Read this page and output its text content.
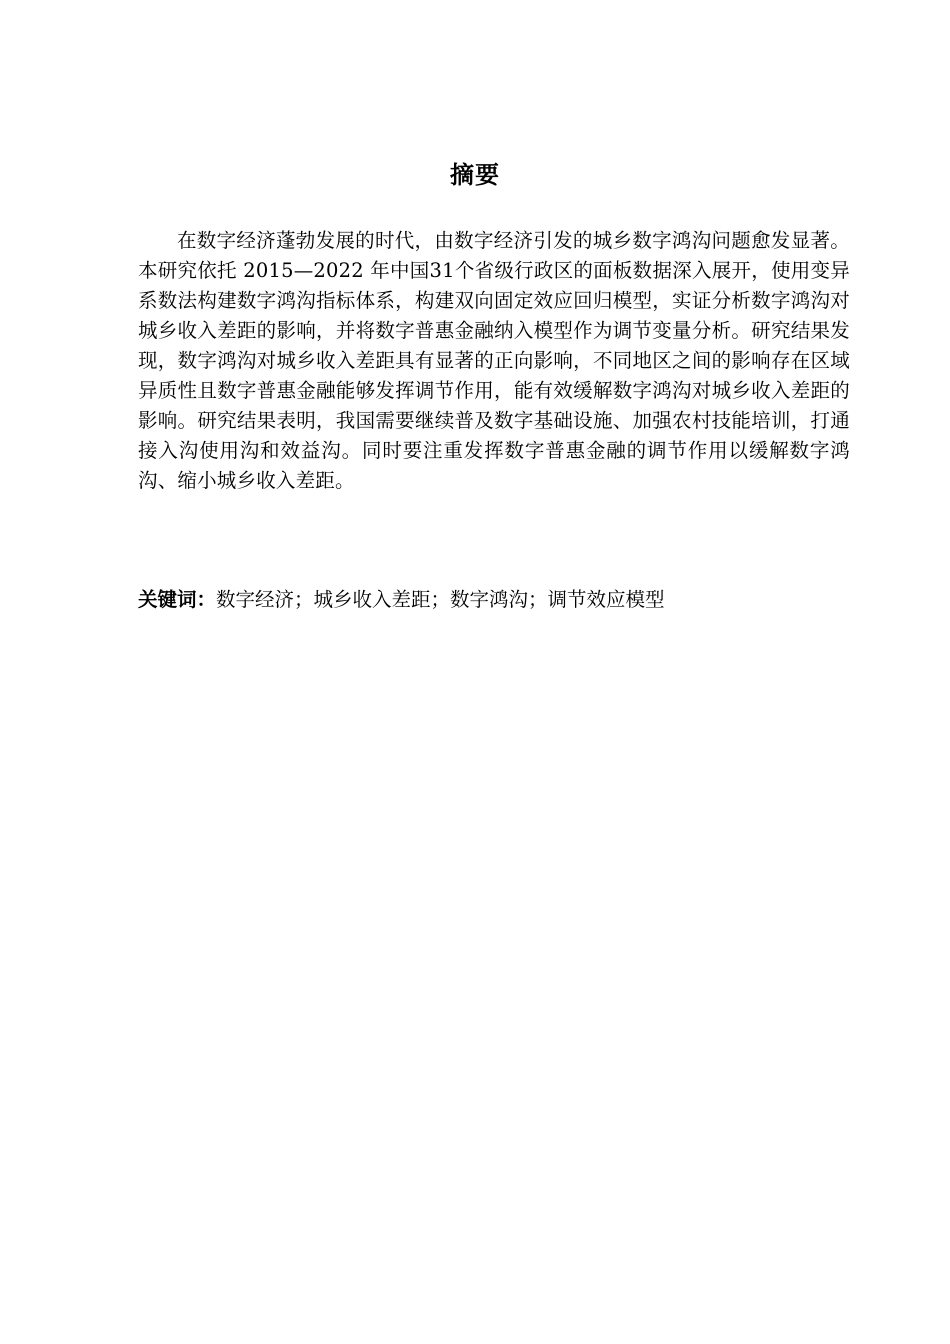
摘要

在数字经济蓬勃发展的时代，由数字经济引发的城乡数字鸿沟问题愈发显著。本研究依托 2015—2022 年中国31个省级行政区的面板数据深入展开，使用变异系数法构建数字鸿沟指标体系，构建双向固定效应回归模型，实证分析数字鸿沟对城乡收入差距的影响，并将数字普惠金融纳入模型作为调节变量分析。研究结果发现，数字鸿沟对城乡收入差距具有显著的正向影响，不同地区之间的影响存在区域异质性且数字普惠金融能够发挥调节作用，能有效缓解数字鸿沟对城乡收入差距的影响。研究结果表明，我国需要继续普及数字基础设施、加强农村技能培训，打通接入沟使用沟和效益沟。同时要注重发挥数字普惠金融的调节作用以缓解数字鸿沟、缩小城乡收入差距。

关键词：数字经济；城乡收入差距；数字鸿沟；调节效应模型
